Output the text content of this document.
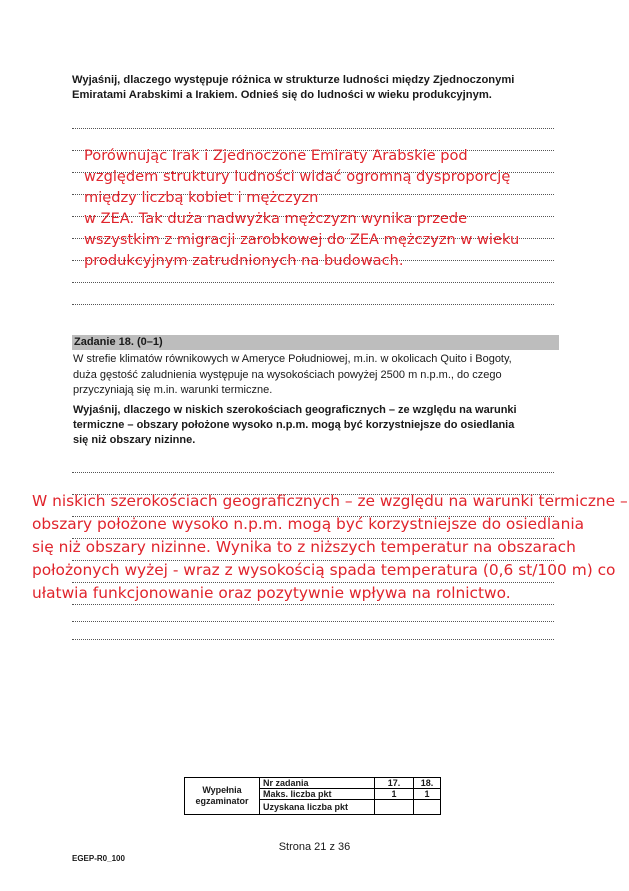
Wyjaśnij, dlaczego występuje różnica w strukturze ludności między Zjednoczonymi
Emiratami Arabskimi a Irakiem. Odnieś się do ludności w wieku produkcyjnym.
Porównując Irak i Zjednoczone Emiraty Arabskie pod
względem struktury ludności widać ogromną dysproporcję
między liczbą kobiet i mężczyzn
w ZEA. Tak duża nadwyżka mężczyzn wynika przede
wszystkim z migracji zarobkowej do ZEA mężczyzn w wieku
produkcyjnym zatrudnionych na budowach.
Zadanie 18. (0–1)
W strefie klimatów równikowych w Ameryce Południowej, m.in. w okolicach Quito i Bogoty,
duża gęstość zaludnienia występuje na wysokościach powyżej 2500 m n.p.m., do czego
przyczyniają się m.in. warunki termiczne.
Wyjaśnij, dlaczego w niskich szerokościach geograficznych – ze względu na warunki
termiczne – obszary położone wysoko n.p.m. mogą być korzystniejsze do osiedlania
się niż obszary nizinne.
W niskich szerokościach geograficznych – ze względu na warunki termiczne –
obszary położone wysoko n.p.m. mogą być korzystniejsze do osiedlania
się niż obszary nizinne. Wynika to z niższych temperatur na obszarach
położonych wyżej - wraz z wysokością spada temperatura (0,6 st/100 m) co
ułatwia funkcjonowanie oraz pozytywnie wpływa na rolnictwo.
Wypełnia
egzaminator	Nr zadania	17.	18.
	Maks. liczba pkt	1	1
	Uzyskana liczba pkt		
Strona 21 z 36
EGEP-R0_100
